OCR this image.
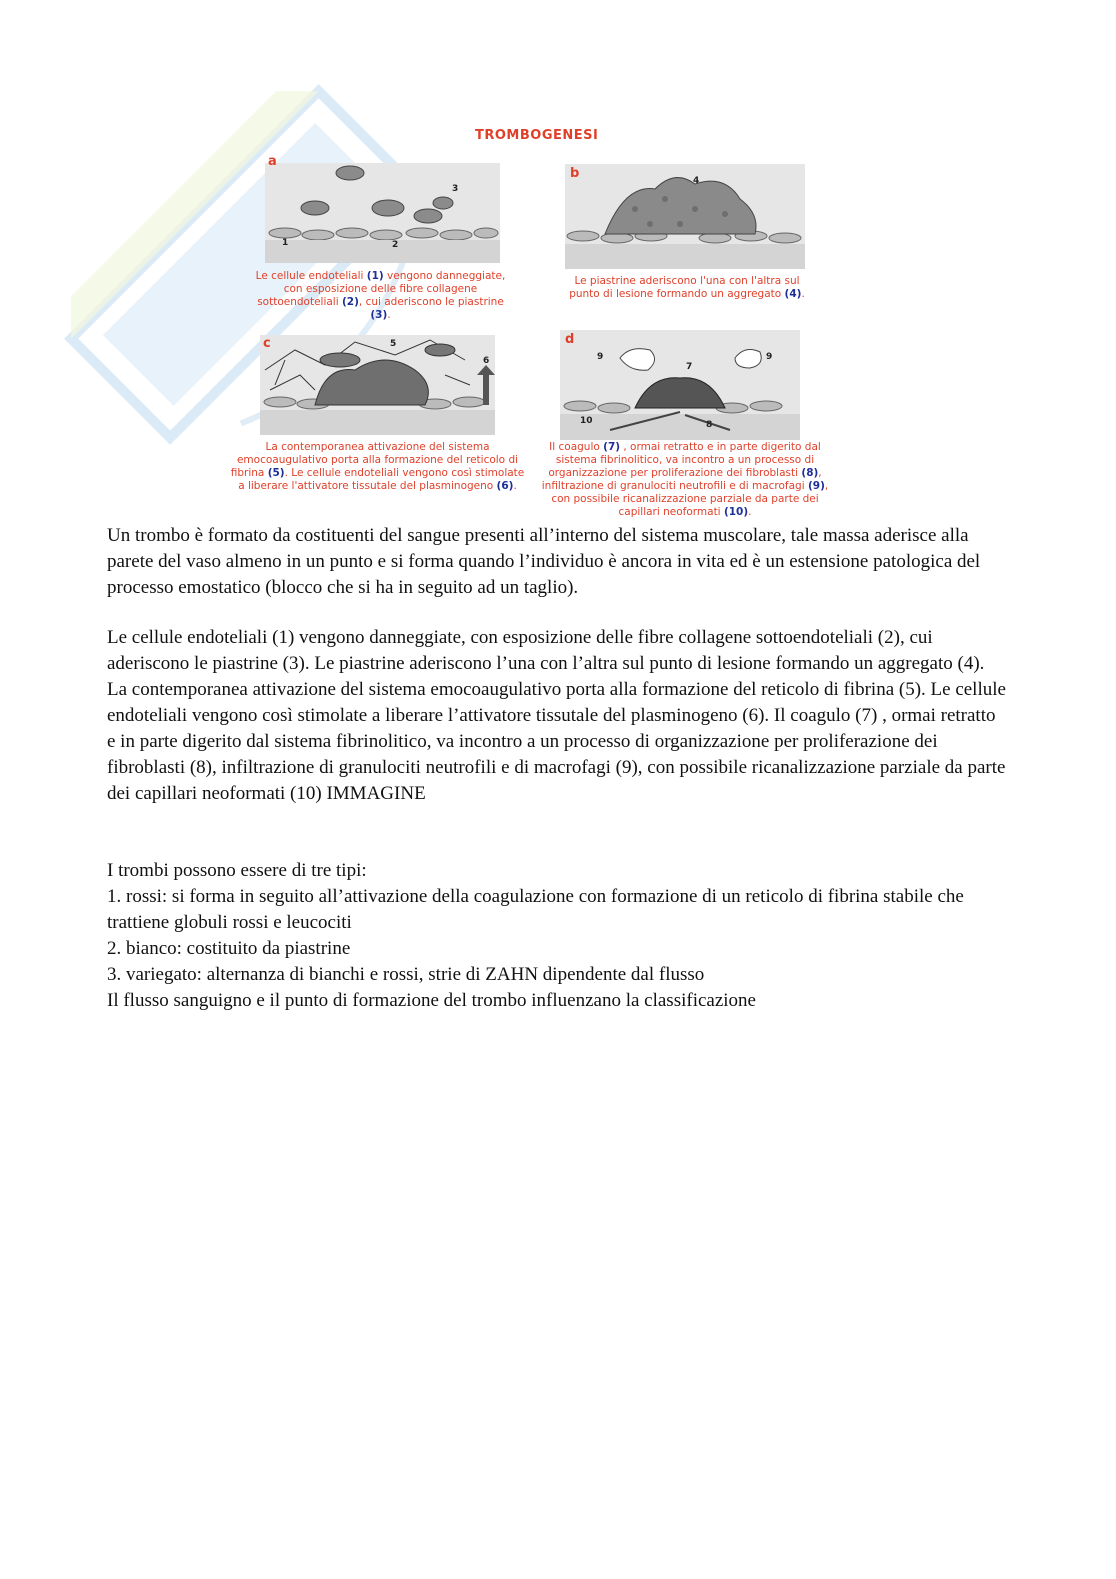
TROMBOGENESI
a
1	2
3
Le cellule endoteliali (1) vengono danneggiate, con esposizione delle fibre collagene sottoendoteliali (2), cui aderiscono le piastrine (3).
b	4
Le piastrine aderiscono l'una con l'altra sul punto di lesione formando un aggregato (4).
c	5
6
La contemporanea attivazione del sistema emocoaugulativo porta alla formazione del reticolo di fibrina (5). Le cellule endoteliali vengono così stimolate a liberare l'attivatore tissutale del plasminogeno (6).
d
9
7
9
10	8
Il coagulo (7) , ormai retratto e in parte digerito dal sistema fibrinolitico, va incontro a un processo di organizzazione per proliferazione dei fibroblasti (8), infiltrazione di granulociti neutrofili e di macrofagi (9), con possibile ricanalizzazione parziale da parte dei capillari neoformati (10).

Un trombo è formato da costituenti del sangue presenti all’interno del sistema muscolare, tale massa aderisce alla parete del vaso almeno in un punto e si forma quando l’individuo è ancora in vita ed è un estensione patologica del processo emostatico (blocco che si ha in seguito ad un taglio).

Le cellule endoteliali (1) vengono danneggiate, con esposizione delle fibre collagene sottoendoteliali (2), cui aderiscono le piastrine (3). Le piastrine aderiscono l’una con l’altra sul punto di lesione formando un aggregato (4). La contemporanea attivazione del sistema emocoaugulativo porta alla formazione del reticolo di fibrina (5). Le cellule endoteliali vengono così stimolate a liberare l’attivatore tissutale del plasminogeno (6). Il coagulo (7) , ormai retratto e in parte digerito dal sistema fibrinolitico, va incontro a un processo di organizzazione per proliferazione dei fibroblasti (8), infiltrazione di granulociti neutrofili e di macrofagi (9), con possibile ricanalizzazione parziale da parte dei capillari neoformati (10) IMMAGINE

I trombi possono essere di tre tipi:

1. rossi: si forma in seguito all’attivazione della coagulazione con formazione di un reticolo di fibrina stabile che trattiene globuli rossi e leucociti

2. bianco: costituito da piastrine

3. variegato: alternanza di bianchi e rossi, strie di ZAHN dipendente dal flusso

Il flusso sanguigno e il punto di formazione del trombo influenzano la classificazione
